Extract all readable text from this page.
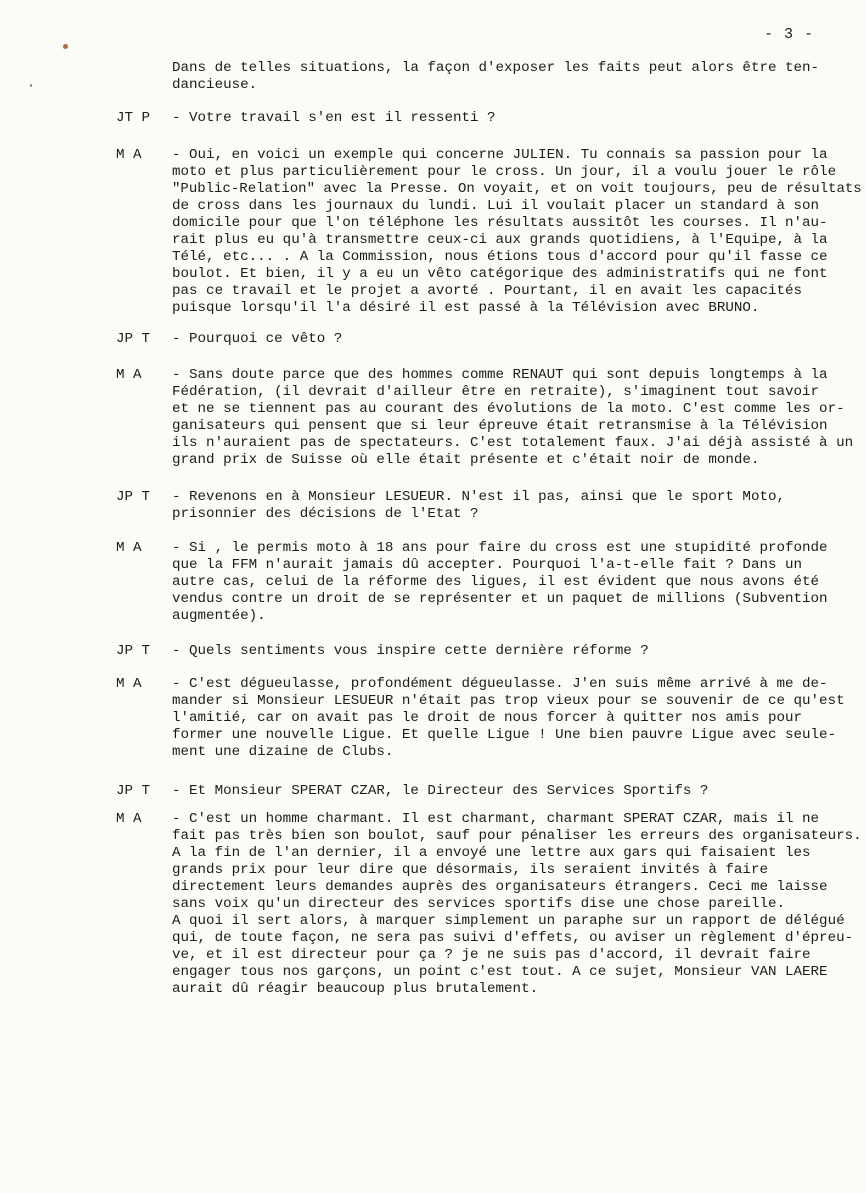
- 3 -
Dans de telles situations, la façon d'exposer les faits peut alors être ten-
dancieuse.
JT P	- Votre travail s'en est il ressenti ?
M A	- Oui, en voici un exemple qui concerne JULIEN. Tu connais sa passion pour la
moto et plus particulièrement pour le cross. Un jour, il a voulu jouer le rôle
"Public-Relation" avec la Presse. On voyait, et on voit toujours, peu de résultats
de cross dans les journaux du lundi. Lui il voulait placer un standard à son
domicile pour que l'on téléphone les résultats aussitôt les courses. Il n'au-
rait plus eu qu'à transmettre ceux-ci aux grands quotidiens, à l'Equipe, à la
Télé, etc... . A la Commission, nous étions tous d'accord pour qu'il fasse ce
boulot. Et bien, il y a eu un vêto catégorique des administratifs qui ne font
pas ce travail et le projet a avorté . Pourtant, il en avait les capacités
puisque lorsqu'il l'a désiré il est passé à la Télévision avec BRUNO.
JP T	- Pourquoi ce vêto ?
M A	- Sans doute parce que des hommes comme RENAUT qui sont depuis longtemps à la
Fédération, (il devrait d'ailleur être en retraite), s'imaginent tout savoir
et ne se tiennent pas au courant des évolutions de la moto. C'est comme les or-
ganisateurs qui pensent que si leur épreuve était retransmise à la Télévision
ils n'auraient pas de spectateurs. C'est totalement faux. J'ai déjà assisté à un
grand prix de Suisse où elle était présente et c'était noir de monde.
JP T	- Revenons en à Monsieur LESUEUR. N'est il pas, ainsi que le sport Moto,
prisonnier des décisions de l'Etat ?
M A	- Si , le permis moto à 18 ans pour faire du cross est une stupidité profonde
que la FFM n'aurait jamais dû accepter. Pourquoi l'a-t-elle fait ? Dans un
autre cas, celui de la réforme des ligues, il est évident que nous avons été
vendus contre un droit de se représenter et un paquet de millions (Subvention
augmentée).
JP T	- Quels sentiments vous inspire cette dernière réforme ?
M A	- C'est dégueulasse, profondément dégueulasse. J'en suis même arrivé à me de-
mander si Monsieur LESUEUR n'était pas trop vieux pour se souvenir de ce qu'est
l'amitié, car on avait pas le droit de nous forcer à quitter nos amis pour
former une nouvelle Ligue. Et quelle Ligue ! Une bien pauvre Ligue avec seule-
ment une dizaine de Clubs.
JP T	- Et Monsieur SPERAT CZAR, le Directeur des Services Sportifs ?
M A	- C'est un homme charmant. Il est charmant, charmant SPERAT CZAR, mais il ne
fait pas très bien son boulot, sauf pour pénaliser les erreurs des organisateurs.
A la fin de l'an dernier, il a envoyé une lettre aux gars qui faisaient les
grands prix pour leur dire que désormais, ils seraient invités à faire
directement leurs demandes auprès des organisateurs étrangers. Ceci me laisse
sans voix qu'un directeur des services sportifs dise une chose pareille.
A quoi il sert alors, à marquer simplement un paraphe sur un rapport de délégué
qui, de toute façon, ne sera pas suivi d'effets, ou aviser un règlement d'épreu-
ve, et il est directeur pour ça ? je ne suis pas d'accord, il devrait faire
engager tous nos garçons, un point c'est tout. A ce sujet, Monsieur VAN LAERE
aurait dû réagir beaucoup plus brutalement.
